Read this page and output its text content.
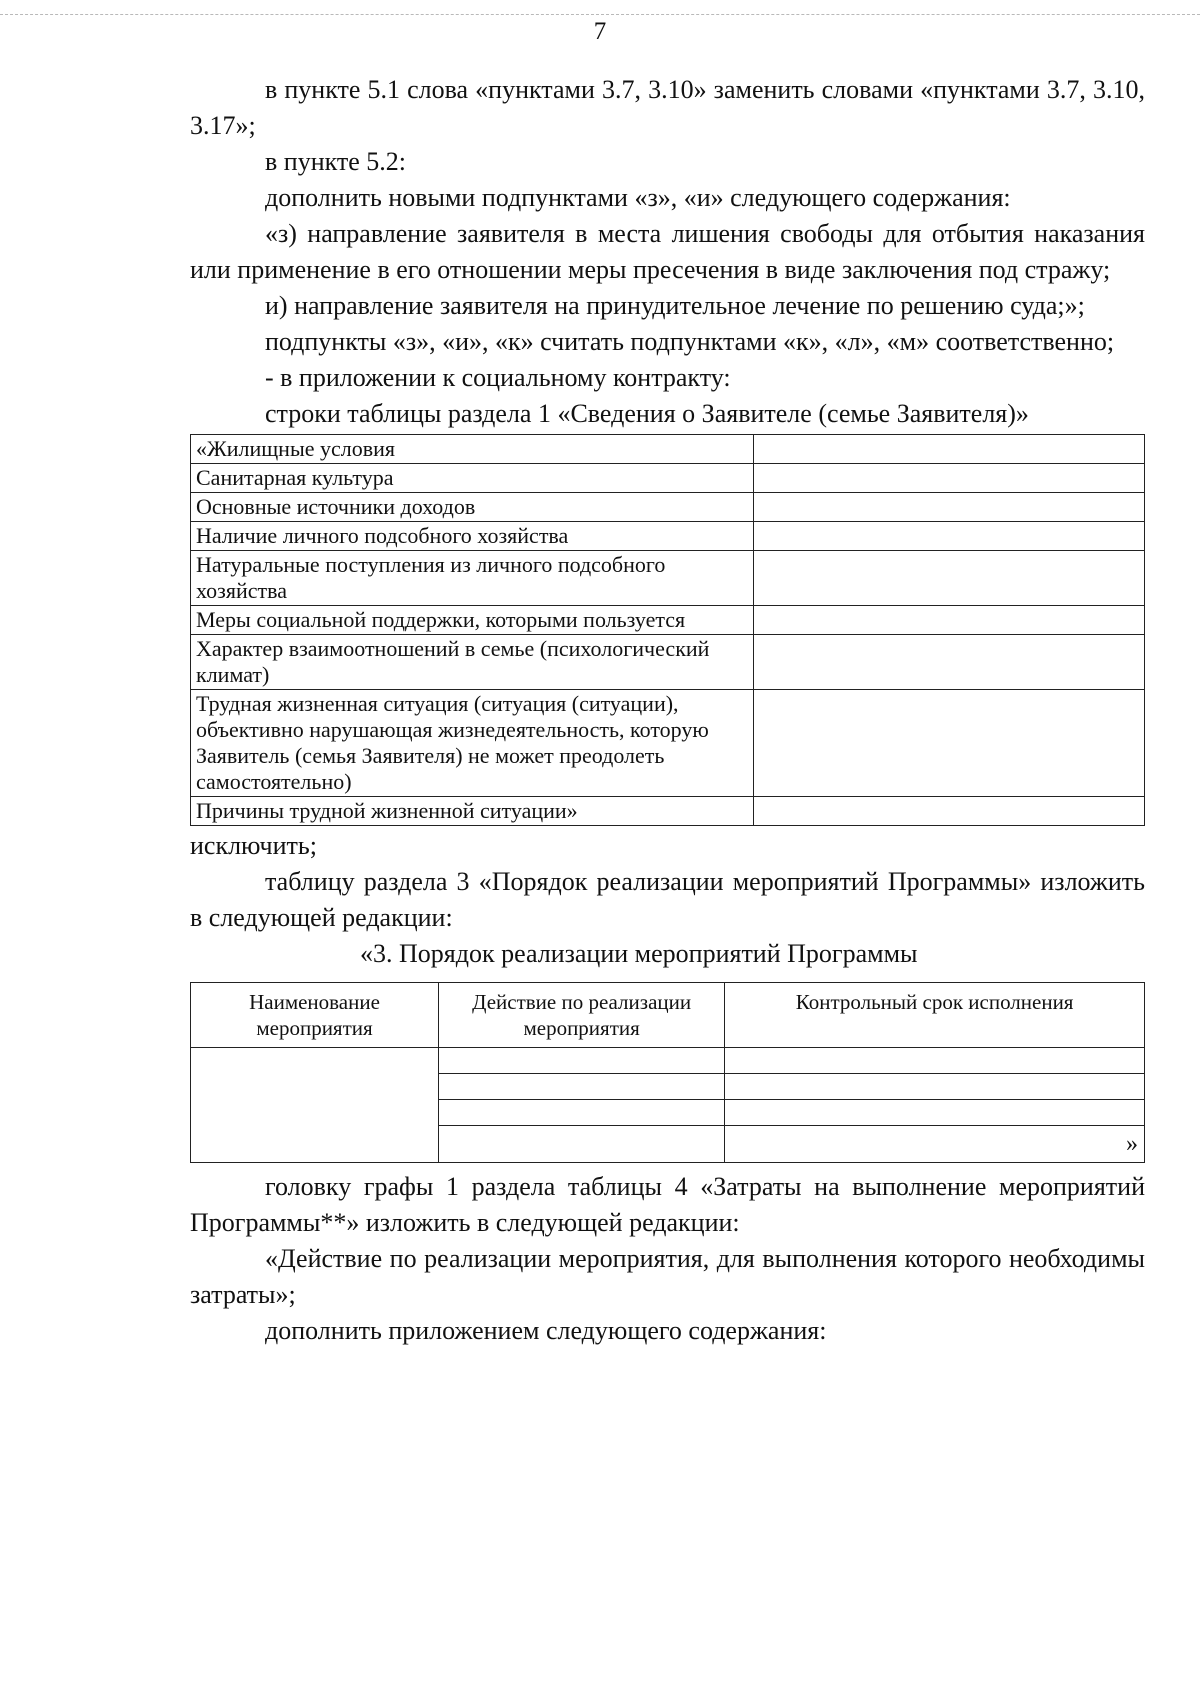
7

в пункте 5.1 слова «пунктами 3.7, 3.10» заменить словами «пунктами 3.7, 3.10, 3.17»;

в пункте 5.2:

дополнить новыми подпунктами «з», «и» следующего содержания:

«з) направление заявителя в места лишения свободы для отбытия наказания или применение в его отношении меры пресечения в виде заключения под стражу;

и) направление заявителя на принудительное лечение по решению суда;»;

подпункты «з», «и», «к» считать подпунктами «к», «л», «м» соответственно;

- в приложении к социальному контракту:

строки таблицы раздела 1 «Сведения о Заявителе (семье Заявителя)»

«Жилищные условия	
Санитарная культура	
Основные источники доходов	
Наличие личного подсобного хозяйства	
Натуральные поступления из личного подсобного хозяйства	
Меры социальной поддержки, которыми пользуется	
Характер взаимоотношений в семье (психологический климат)	
Трудная жизненная ситуация (ситуация (ситуации), объективно нарушающая жизнедеятельность, которую Заявитель (семья Заявителя) не может преодолеть самостоятельно)	
Причины трудной жизненной ситуации»	

исключить;

таблицу раздела 3 «Порядок реализации мероприятий Программы» изложить в следующей редакции:

«3. Порядок реализации мероприятий Программы

Наименование мероприятия	Действие по реализации мероприятия	Контрольный срок исполнения

		»

головку графы 1 раздела таблицы 4 «Затраты на выполнение мероприятий Программы**» изложить в следующей редакции:

«Действие по реализации мероприятия, для выполнения которого необходимы затраты»;

дополнить приложением следующего содержания:
